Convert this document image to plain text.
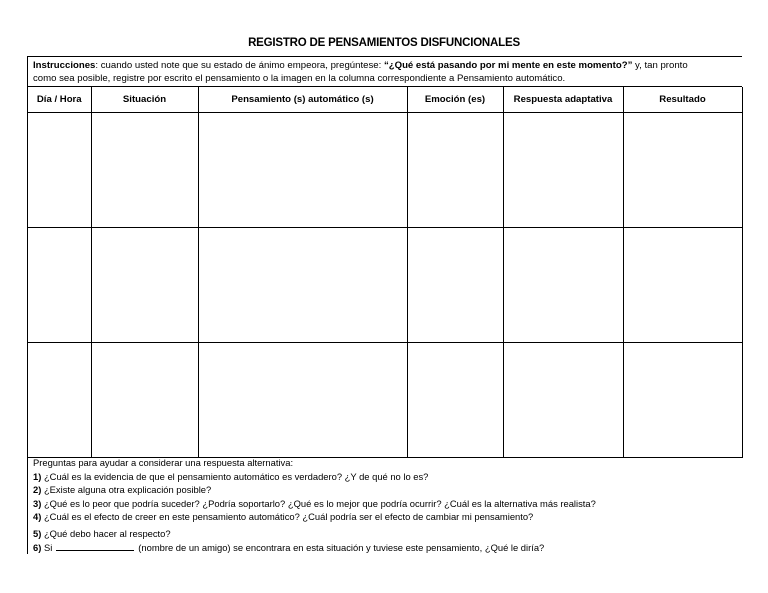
REGISTRO DE PENSAMIENTOS DISFUNCIONALES
Instrucciones: cuando usted note que su estado de ánimo empeora, pregúntese: “¿Qué está pasando por mi mente en este momento?” y, tan pronto
como sea posible, registre por escrito el pensamiento o la imagen en la columna correspondiente a Pensamiento automático.
Día / Hora	Situación	Pensamiento (s) automático (s)	Emoción (es)	Respuesta adaptativa	Resultado

Preguntas para ayudar a considerar una respuesta alternativa:
1) ¿Cuál es la evidencia de que el pensamiento automático es verdadero? ¿Y de qué no lo es?
2) ¿Existe alguna otra explicación posible?
3) ¿Qué es lo peor que podría suceder? ¿Podría soportarlo? ¿Qué es lo mejor que podría ocurrir? ¿Cuál es la alternativa más realista?
4) ¿Cuál es el efecto de creer en este pensamiento automático? ¿Cuál podría ser el efecto de cambiar mi pensamiento?
5) ¿Qué debo hacer al respecto?
6) Si	(nombre de un amigo) se encontrara en esta situación y tuviese este pensamiento, ¿Qué le diría?
